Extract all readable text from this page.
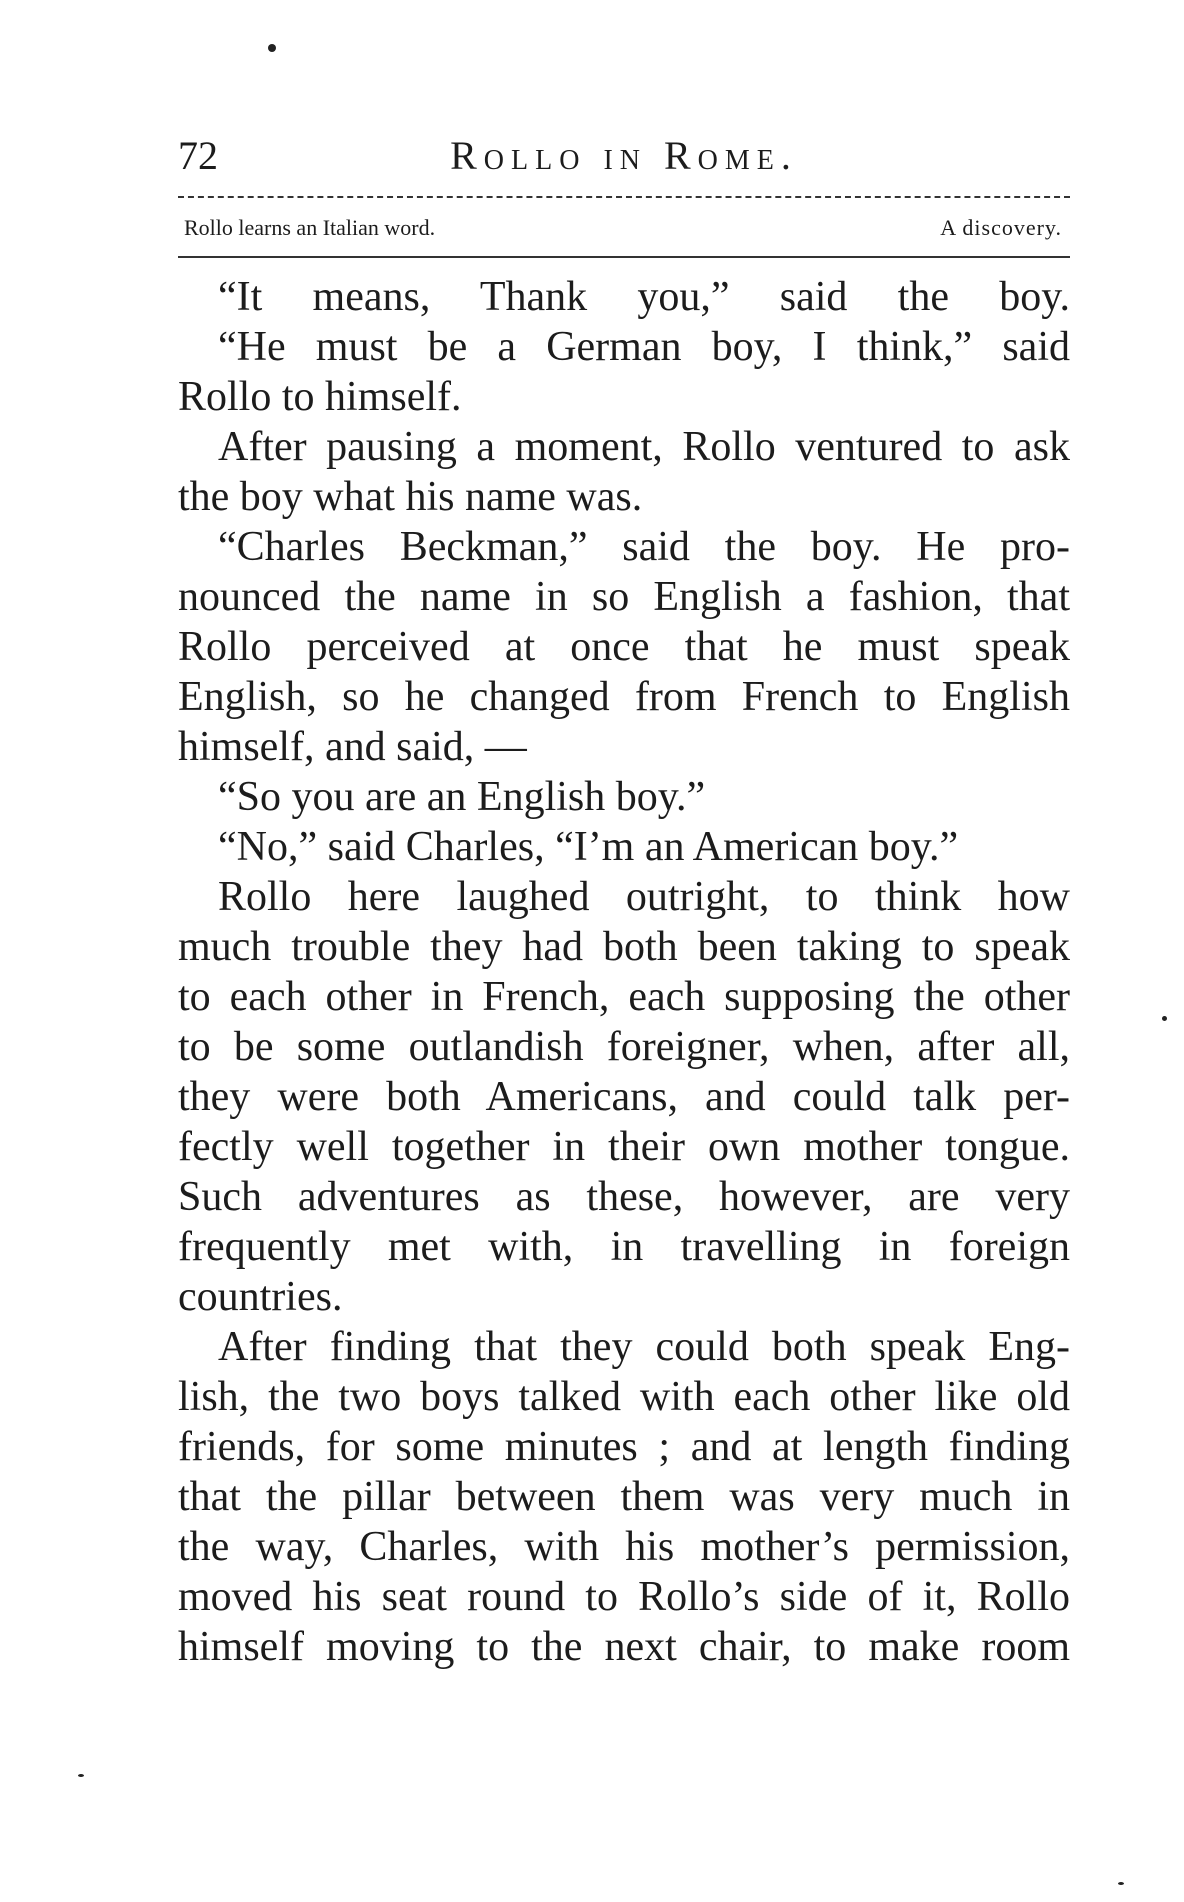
72	Rollo in Rome.
Rollo learns an Italian word.	A discovery.
“It means, Thank you,” said the boy.
“He must be a German boy, I think,” said
Rollo to himself.
After pausing a moment, Rollo ventured to ask
the boy what his name was.
“Charles Beckman,” said the boy. He pro-
nounced the name in so English a fashion, that
Rollo perceived at once that he must speak
English, so he changed from French to English
himself, and said, —
“So you are an English boy.”
“No,” said Charles, “I’m an American boy.”
Rollo here laughed outright, to think how
much trouble they had both been taking to speak
to each other in French, each supposing the other
to be some outlandish foreigner, when, after all,
they were both Americans, and could talk per-
fectly well together in their own mother tongue.
Such adventures as these, however, are very
frequently met with, in travelling in foreign
countries.
After finding that they could both speak Eng-
lish, the two boys talked with each other like old
friends, for some minutes ; and at length finding
that the pillar between them was very much in
the way, Charles, with his mother’s permission,
moved his seat round to Rollo’s side of it, Rollo
himself moving to the next chair, to make room
